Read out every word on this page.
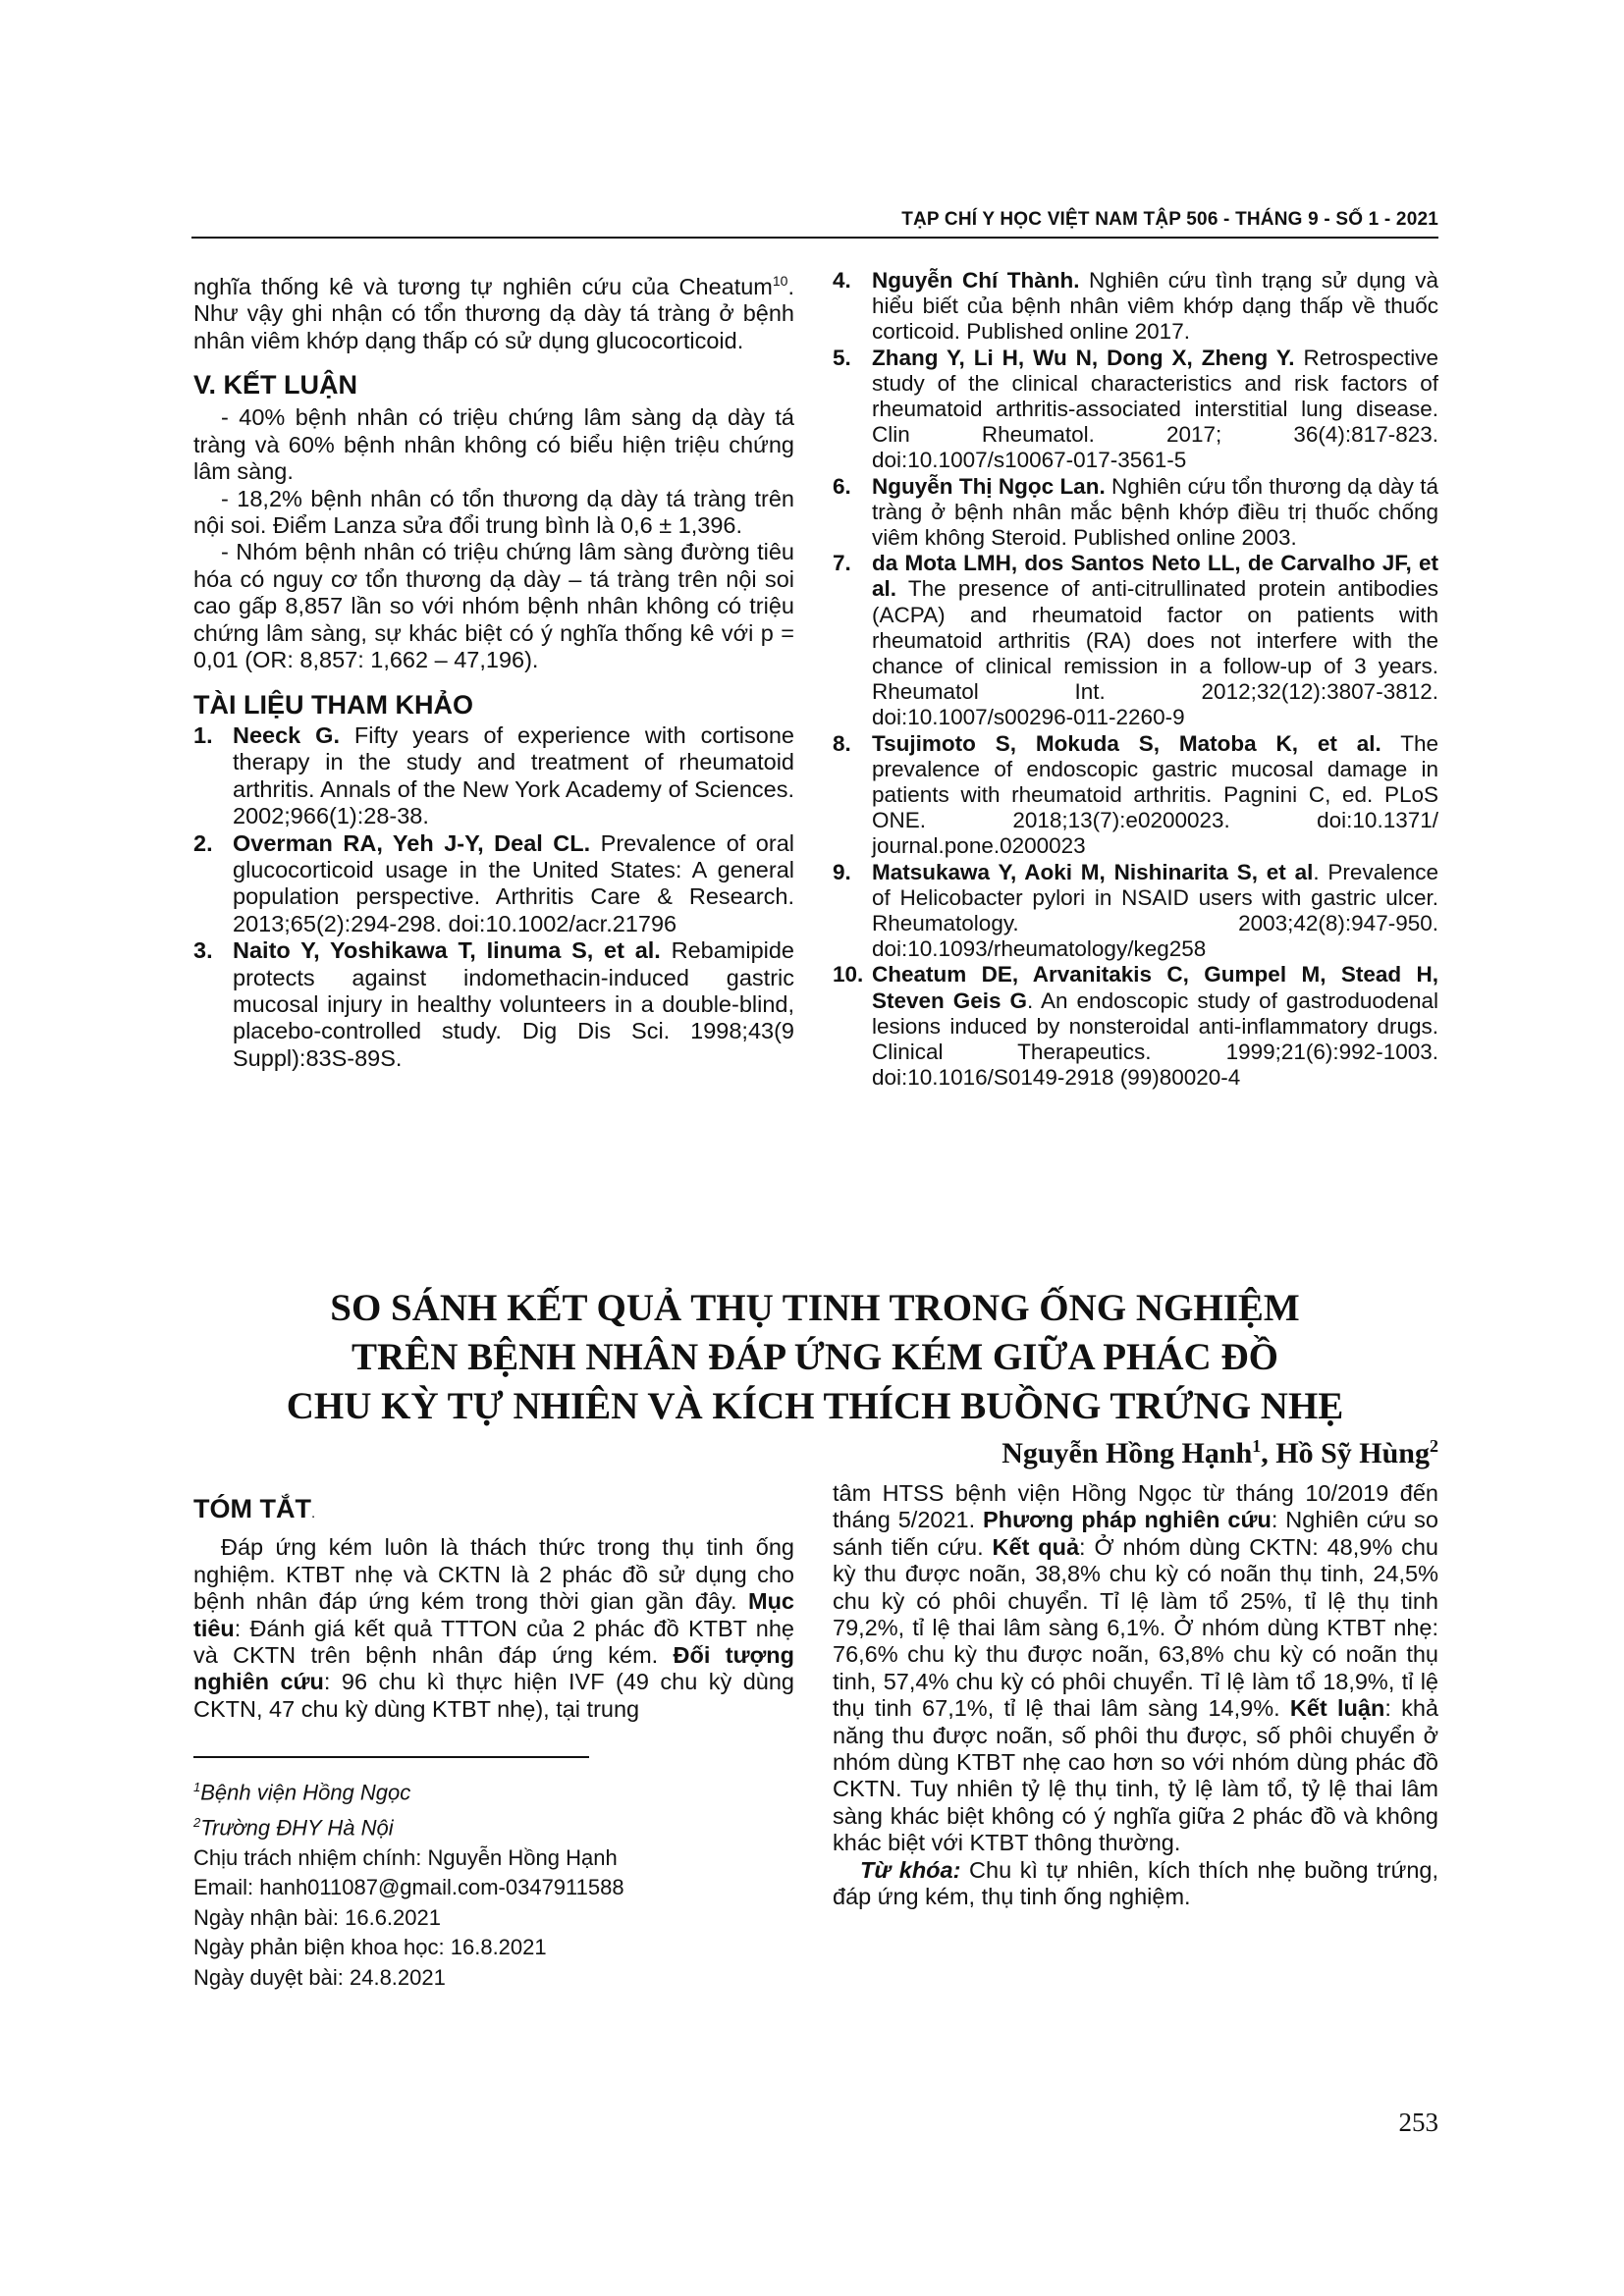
TẠP CHÍ Y HỌC VIỆT NAM TẬP 506 - THÁNG 9 - SỐ 1 - 2021

nghĩa thống kê và tương tự nghiên cứu của Cheatum$^{10}$. Như vậy ghi nhận có tổn thương dạ dày tá tràng ở bệnh nhân viêm khớp dạng thấp có sử dụng glucocorticoid.

V. KẾT LUẬN

- 40% bệnh nhân có triệu chứng lâm sàng dạ dày tá tràng và 60% bệnh nhân không có biểu hiện triệu chứng lâm sàng.

- 18,2% bệnh nhân có tổn thương dạ dày tá tràng trên nội soi. Điểm Lanza sửa đổi trung bình là 0,6 ± 1,396.

- Nhóm bệnh nhân có triệu chứng lâm sàng đường tiêu hóa có nguy cơ tổn thương dạ dày – tá tràng trên nội soi cao gấp 8,857 lần so với nhóm bệnh nhân không có triệu chứng lâm sàng, sự khác biệt có ý nghĩa thống kê với p = 0,01 (OR: 8,857: 1,662 – 47,196).

TÀI LIỆU THAM KHẢO
1. Neeck G. Fifty years of experience with cortisone therapy in the study and treatment of rheumatoid arthritis. Annals of the New York Academy of Sciences. 2002;966(1):28-38.
2. Overman RA, Yeh J-Y, Deal CL. Prevalence of oral glucocorticoid usage in the United States: A general population perspective. Arthritis Care & Research. 2013;65(2):294-298. doi:10.1002/acr.21796
3. Naito Y, Yoshikawa T, Iinuma S, et al. Rebamipide protects against indomethacin-induced gastric mucosal injury in healthy volunteers in a double-blind, placebo-controlled study. Dig Dis Sci. 1998;43(9 Suppl):83S-89S.
4. Nguyễn Chí Thành. Nghiên cứu tình trạng sử dụng và hiểu biết của bệnh nhân viêm khớp dạng thấp về thuốc corticoid. Published online 2017.
5. Zhang Y, Li H, Wu N, Dong X, Zheng Y. Retrospective study of the clinical characteristics and risk factors of rheumatoid arthritis-associated interstitial lung disease. Clin Rheumatol. 2017; 36(4):817-823. doi:10.1007/s10067-017-3561-5
6. Nguyễn Thị Ngọc Lan. Nghiên cứu tổn thương dạ dày tá tràng ở bệnh nhân mắc bệnh khớp điều trị thuốc chống viêm không Steroid. Published online 2003.
7. da Mota LMH, dos Santos Neto LL, de Carvalho JF, et al. The presence of anti-citrullinated protein antibodies (ACPA) and rheumatoid factor on patients with rheumatoid arthritis (RA) does not interfere with the chance of clinical remission in a follow-up of 3 years. Rheumatol Int. 2012;32(12):3807-3812. doi:10.1007/s00296-011-2260-9
8. Tsujimoto S, Mokuda S, Matoba K, et al. The prevalence of endoscopic gastric mucosal damage in patients with rheumatoid arthritis. Pagnini C, ed. PLoS ONE. 2018;13(7):e0200023. doi:10.1371/ journal.pone.0200023
9. Matsukawa Y, Aoki M, Nishinarita S, et al. Prevalence of Helicobacter pylori in NSAID users with gastric ulcer. Rheumatology. 2003;42(8):947-950. doi:10.1093/rheumatology/keg258
10. Cheatum DE, Arvanitakis C, Gumpel M, Stead H, Steven Geis G. An endoscopic study of gastroduodenal lesions induced by nonsteroidal anti-inflammatory drugs. Clinical Therapeutics. 1999;21(6):992-1003. doi:10.1016/S0149-2918 (99)80020-4
SO SÁNH KẾT QUẢ THỤ TINH TRONG ỐNG NGHIỆM
TRÊN BỆNH NHÂN ĐÁP ỨNG KÉM GIỮA PHÁC ĐỒ
CHU KỲ TỰ NHIÊN VÀ KÍCH THÍCH BUỒNG TRỨNG NHẸ
Nguyễn Hồng Hạnh$^1$, Hồ Sỹ Hùng$^2$
TÓM TẮT.

Đáp ứng kém luôn là thách thức trong thụ tinh ống nghiệm. KTBT nhẹ và CKTN là 2 phác đồ sử dụng cho bệnh nhân đáp ứng kém trong thời gian gần đây. Mục tiêu: Đánh giá kết quả TTTON của 2 phác đồ KTBT nhẹ và CKTN trên bệnh nhân đáp ứng kém. Đối tượng nghiên cứu: 96 chu kì thực hiện IVF (49 chu kỳ dùng CKTN, 47 chu kỳ dùng KTBT nhẹ), tại trung

$^1$Bệnh viện Hồng Ngọc

$^2$Trường ĐHY Hà Nội

Chịu trách nhiệm chính: Nguyễn Hồng Hạnh

Email: hanh011087@gmail.com-0347911588

Ngày nhận bài: 16.6.2021

Ngày phản biện khoa học: 16.8.2021

Ngày duyệt bài: 24.8.2021

tâm HTSS bệnh viện Hồng Ngọc từ tháng 10/2019 đến tháng 5/2021. Phương pháp nghiên cứu: Nghiên cứu so sánh tiến cứu. Kết quả: Ở nhóm dùng CKTN: 48,9% chu kỳ thu được noãn, 38,8% chu kỳ có noãn thụ tinh, 24,5% chu kỳ có phôi chuyển. Tỉ lệ làm tổ 25%, tỉ lệ thụ tinh 79,2%, tỉ lệ thai lâm sàng 6,1%. Ở nhóm dùng KTBT nhẹ: 76,6% chu kỳ thu được noãn, 63,8% chu kỳ có noãn thụ tinh, 57,4% chu kỳ có phôi chuyển. Tỉ lệ làm tổ 18,9%, tỉ lệ thụ tinh 67,1%, tỉ lệ thai lâm sàng 14,9%. Kết luận: khả năng thu được noãn, số phôi thu được, số phôi chuyển ở nhóm dùng KTBT nhẹ cao hơn so với nhóm dùng phác đồ CKTN. Tuy nhiên tỷ lệ thụ tinh, tỷ lệ làm tổ, tỷ lệ thai lâm sàng khác biệt không có ý nghĩa giữa 2 phác đồ và không khác biệt với KTBT thông thường.

Từ khóa: Chu kì tự nhiên, kích thích nhẹ buồng trứng, đáp ứng kém, thụ tinh ống nghiệm.

253
